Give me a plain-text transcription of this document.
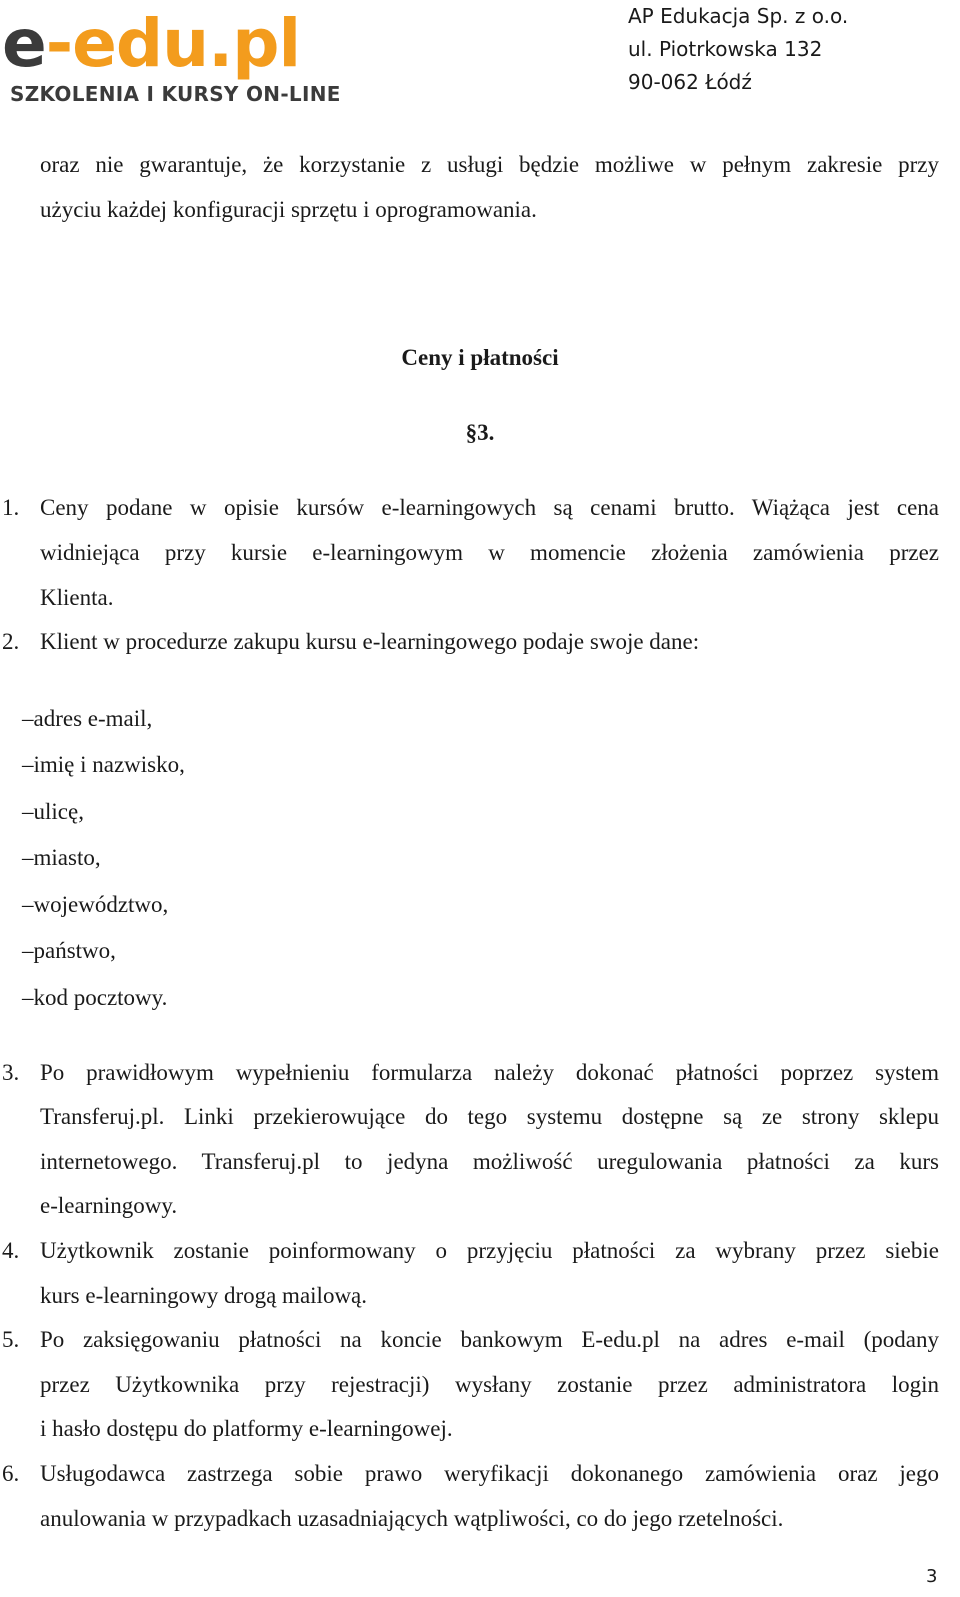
e-edu.pl
SZKOLENIA I KURSY ON-LINE
AP Edukacja Sp. z o.o.
ul. Piotrkowska 132
90-062 Łódź
oraz nie gwarantuje, że korzystanie z usługi będzie możliwe w pełnym zakresie przy
użyciu każdej konfiguracji sprzętu i oprogramowania.
Ceny i płatności
§3.
1. Ceny podane w opisie kursów e-learningowych są cenami brutto. Wiążąca jest cena
widniejąca przy kursie e-learningowym w momencie złożenia zamówienia przez
Klienta.
2. Klient w procedurze zakupu kursu e-learningowego podaje swoje dane:
–adres e-mail,
–imię i nazwisko,
–ulicę,
–miasto,
–województwo,
–państwo,
–kod pocztowy.
3. Po prawidłowym wypełnieniu formularza należy dokonać płatności poprzez system
Transferuj.pl. Linki przekierowujące do tego systemu dostępne są ze strony sklepu
internetowego. Transferuj.pl to jedyna możliwość uregulowania płatności za kurs
e-learningowy.
4. Użytkownik zostanie poinformowany o przyjęciu płatności za wybrany przez siebie
kurs e-learningowy drogą mailową.
5. Po zaksięgowaniu płatności na koncie bankowym E-edu.pl na adres e-mail (podany
przez Użytkownika przy rejestracji) wysłany zostanie przez administratora login
i hasło dostępu do platformy e-learningowej.
6. Usługodawca zastrzega sobie prawo weryfikacji dokonanego zamówienia oraz jego
anulowania w przypadkach uzasadniających wątpliwości, co do jego rzetelności.
3
